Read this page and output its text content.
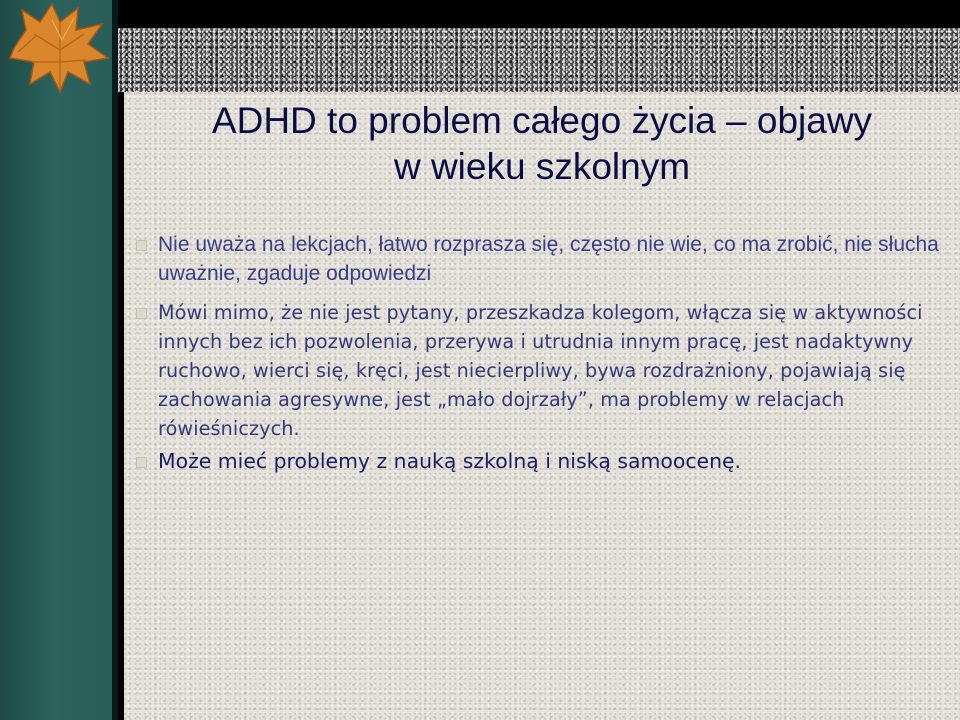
ADHD to problem całego życia – objawy
w wieku szkolnym
Nie uważa na lekcjach, łatwo rozprasza się, często nie wie, co ma zrobić, nie słucha uważnie, zgaduje odpowiedzi
Mówi mimo, że nie jest pytany, przeszkadza kolegom, włącza się w aktywności innych bez ich pozwolenia, przerywa i utrudnia innym pracę, jest nadaktywny ruchowo, wierci się, kręci, jest niecierpliwy, bywa rozdrażniony, pojawiają się zachowania agresywne, jest „mało dojrzały”, ma problemy w relacjach rówieśniczych.
Może mieć problemy z nauką szkolną i niską samoocenę.
